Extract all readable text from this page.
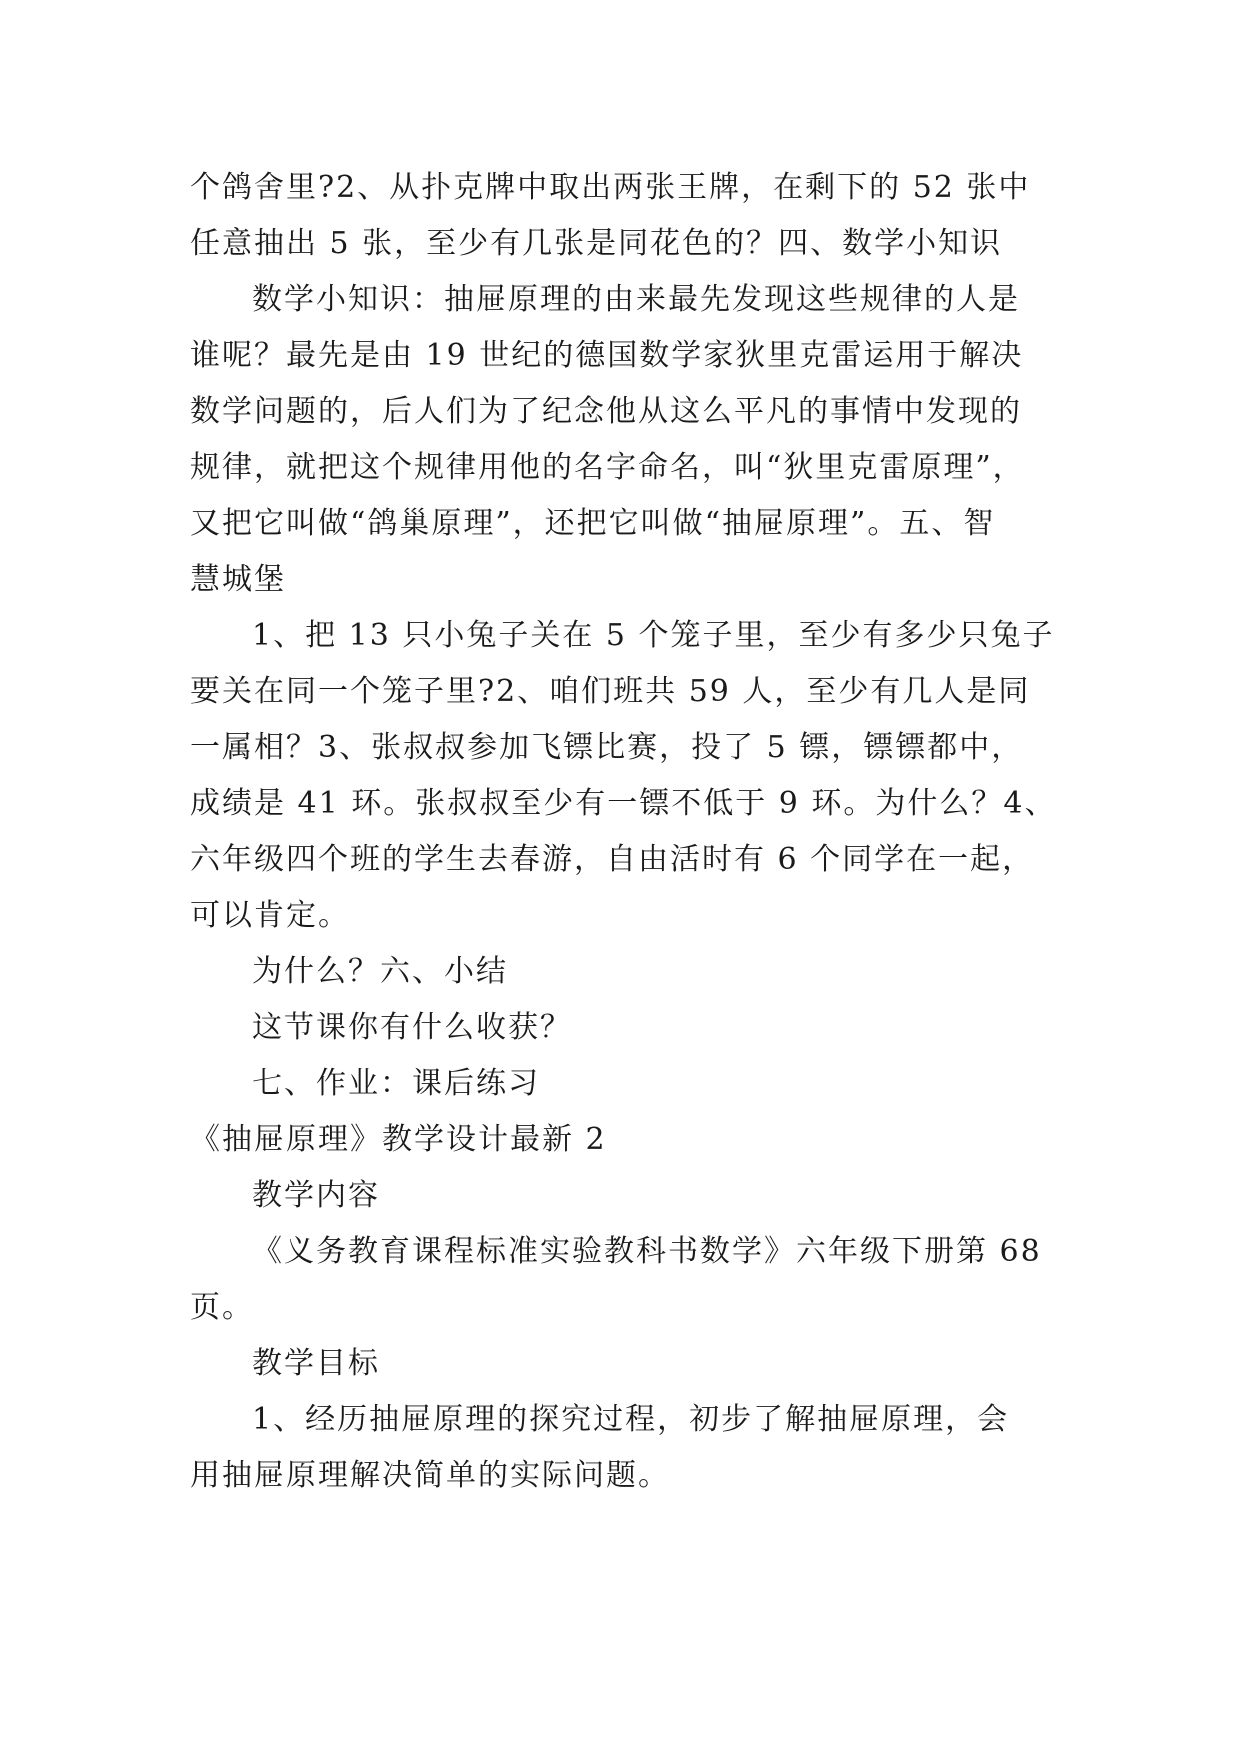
个鸽舍里?2、从扑克牌中取出两张王牌，在剩下的 52 张中
任意抽出 5 张，至少有几张是同花色的？四、数学小知识
数学小知识：抽屉原理的由来最先发现这些规律的人是
谁呢？最先是由 19 世纪的德国数学家狄里克雷运用于解决
数学问题的，后人们为了纪念他从这么平凡的事情中发现的
规律，就把这个规律用他的名字命名，叫“狄里克雷原理”，
又把它叫做“鸽巢原理”，还把它叫做“抽屉原理”。五、智
慧城堡
1、把 13 只小兔子关在 5 个笼子里，至少有多少只兔子
要关在同一个笼子里?2、咱们班共 59 人，至少有几人是同
一属相？3、张叔叔参加飞镖比赛，投了 5 镖，镖镖都中，
成绩是 41 环。张叔叔至少有一镖不低于 9 环。为什么？4、
六年级四个班的学生去春游，自由活时有 6 个同学在一起，
可以肯定。
为什么？六、小结
这节课你有什么收获？
七、作业：课后练习
《抽屉原理》教学设计最新 2
教学内容
《义务教育课程标准实验教科书数学》六年级下册第 68
页。
教学目标
1、经历抽屉原理的探究过程，初步了解抽屉原理，会
用抽屉原理解决简单的实际问题。
